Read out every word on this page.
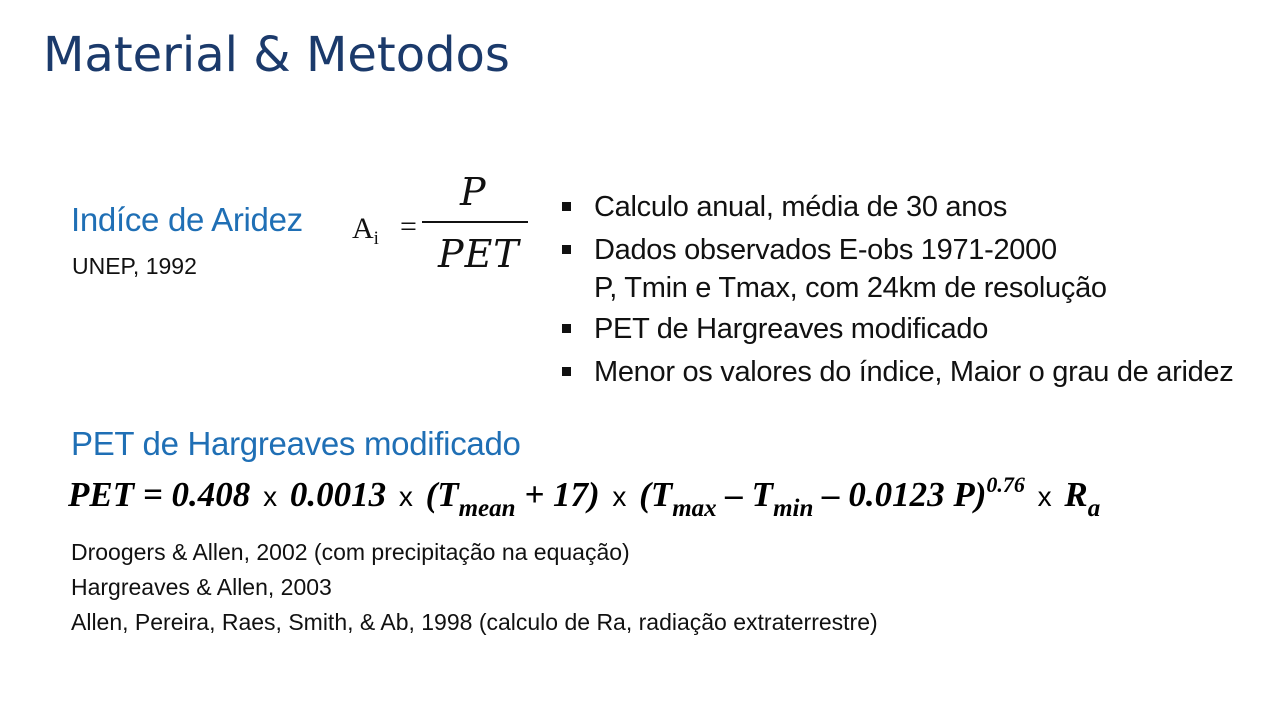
Material & Metodos
Indíce de Aridez
UNEP, 1992
$A_i$ =
P
PET
Calculo anual, média de 30 anos
Dados observados E-obs 1971-2000
P, Tmin e Tmax, com 24km de resolução
PET de Hargreaves modificado
Menor os valores do índice, Maior o grau de aridez
PET de Hargreaves modificado
PET = 0.408 x 0.0013 x $(T_{mean} + 17)$ x ($T_{max} - T_{min} - 0.0123$ P)$^{0.76}$ x $R_a$
Droogers & Allen, 2002 (com precipitação na equação)
Hargreaves & Allen, 2003
Allen, Pereira, Raes, Smith, & Ab, 1998 (calculo de Ra, radiação extraterrestre)
